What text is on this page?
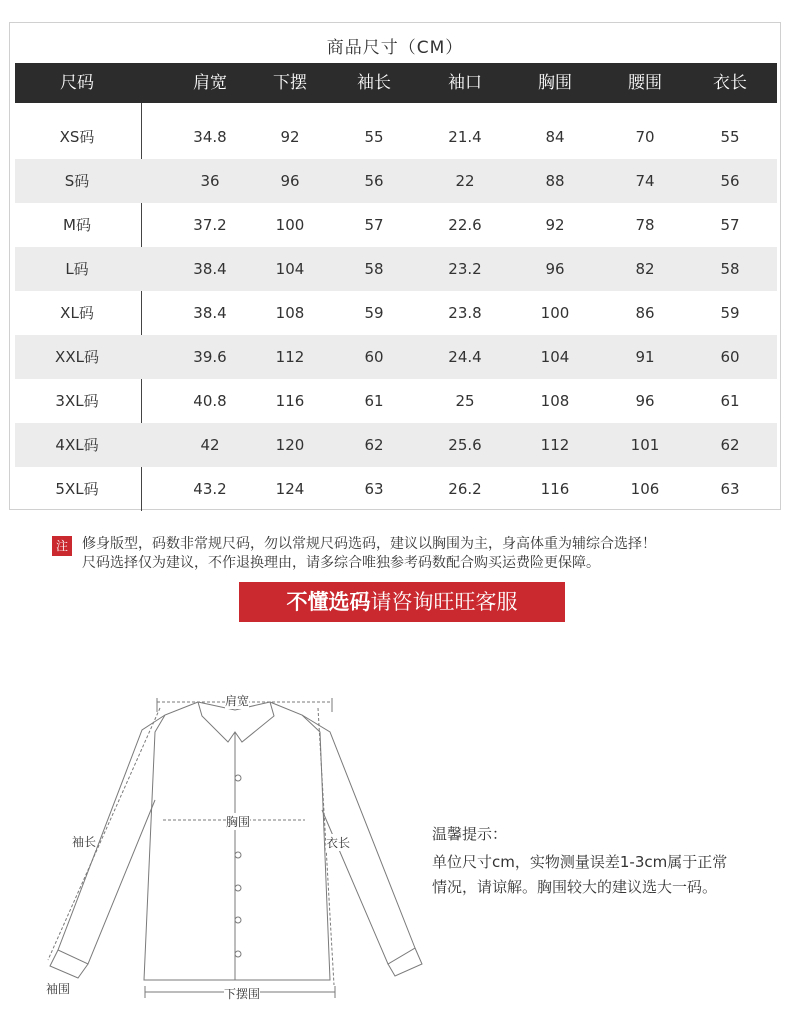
商品尺寸（CM）
尺码	肩宽	下摆	袖长	袖口	胸围	腰围	衣长
XS码	34.8	92	55	21.4	84	70	55
S码	36	96	56	22	88	74	56
M码	37.2	100	57	22.6	92	78	57
L码	38.4	104	58	23.2	96	82	58
XL码	38.4	108	59	23.8	100	86	59
XXL码	39.6	112	60	24.4	104	91	60
3XL码	40.8	116	61	25	108	96	61
4XL码	42	120	62	25.6	112	101	62
5XL码	43.2	124	63	26.2	116	106	63
注 修身版型，码数非常规尺码，勿以常规尺码选码，建议以胸围为主，身高体重为辅综合选择！
尺码选择仅为建议，不作退换理由，请多综合唯独参考码数配合购买运费险更保障。
不懂选码请咨询旺旺客服
肩宽
胸围
袖长	衣长
袖围	下摆围
温馨提示：
单位尺寸cm，实物测量误差1-3cm属于正常
情况，请谅解。胸围较大的建议选大一码。
